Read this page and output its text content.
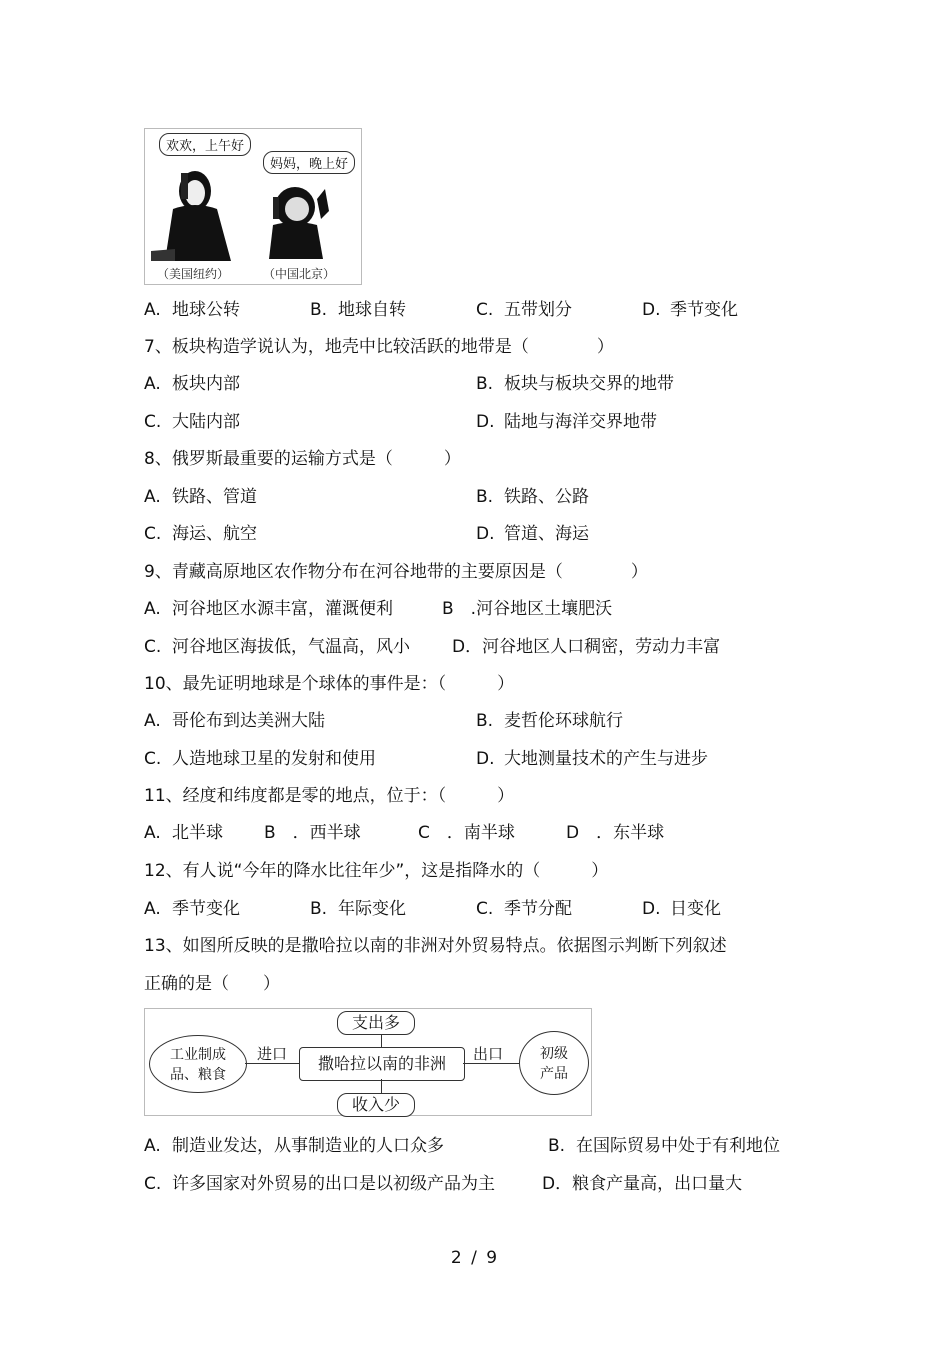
欢欢，上午好
妈妈，晚上好
（美国纽约）	（中国北京）
A. 地球公转	B. 地球自转	C. 五带划分	D. 季节变化
7、板块构造学说认为，地壳中比较活跃的地带是（　　　　）
A. 板块内部	B. 板块与板块交界的地带
C. 大陆内部	D. 陆地与海洋交界地带
8、俄罗斯最重要的运输方式是（　　　）
A. 铁路、管道	B. 铁路、公路
C. 海运、航空	D. 管道、海运
9、青藏高原地区农作物分布在河谷地带的主要原因是（　　　　）
A. 河谷地区水源丰富，灌溉便利	B　.河谷地区土壤肥沃
C. 河谷地区海拔低，气温高，风小 D．河谷地区人口稠密，劳动力丰富
10、最先证明地球是个球体的事件是：（　　　）
A. 哥伦布到达美洲大陆	B. 麦哲伦环球航行
C. 人造地球卫星的发射和使用	D. 大地测量技术的产生与进步
11、经度和纬度都是零的地点，位于：（　　　）
A. 北半球 B　．西半球	C　．南半球	D　．东半球
12、有人说“今年的降水比往年少”，这是指降水的（　　　）
A. 季节变化	B. 年际变化	C. 季节分配	D. 日变化
13、如图所反映的是撒哈拉以南的非洲对外贸易特点。依据图示判断下列叙述
正确的是（　　）
工业制成
品、粮食
进口	撒哈拉以南的非洲
支出多
收入少
出口	初级
产品
A. 制造业发达，从事制造业的人口众多	B. 在国际贸易中处于有利地位
C. 许多国家对外贸易的出口是以初级产品为主	D．粮食产量高，出口量大
2 / 9
